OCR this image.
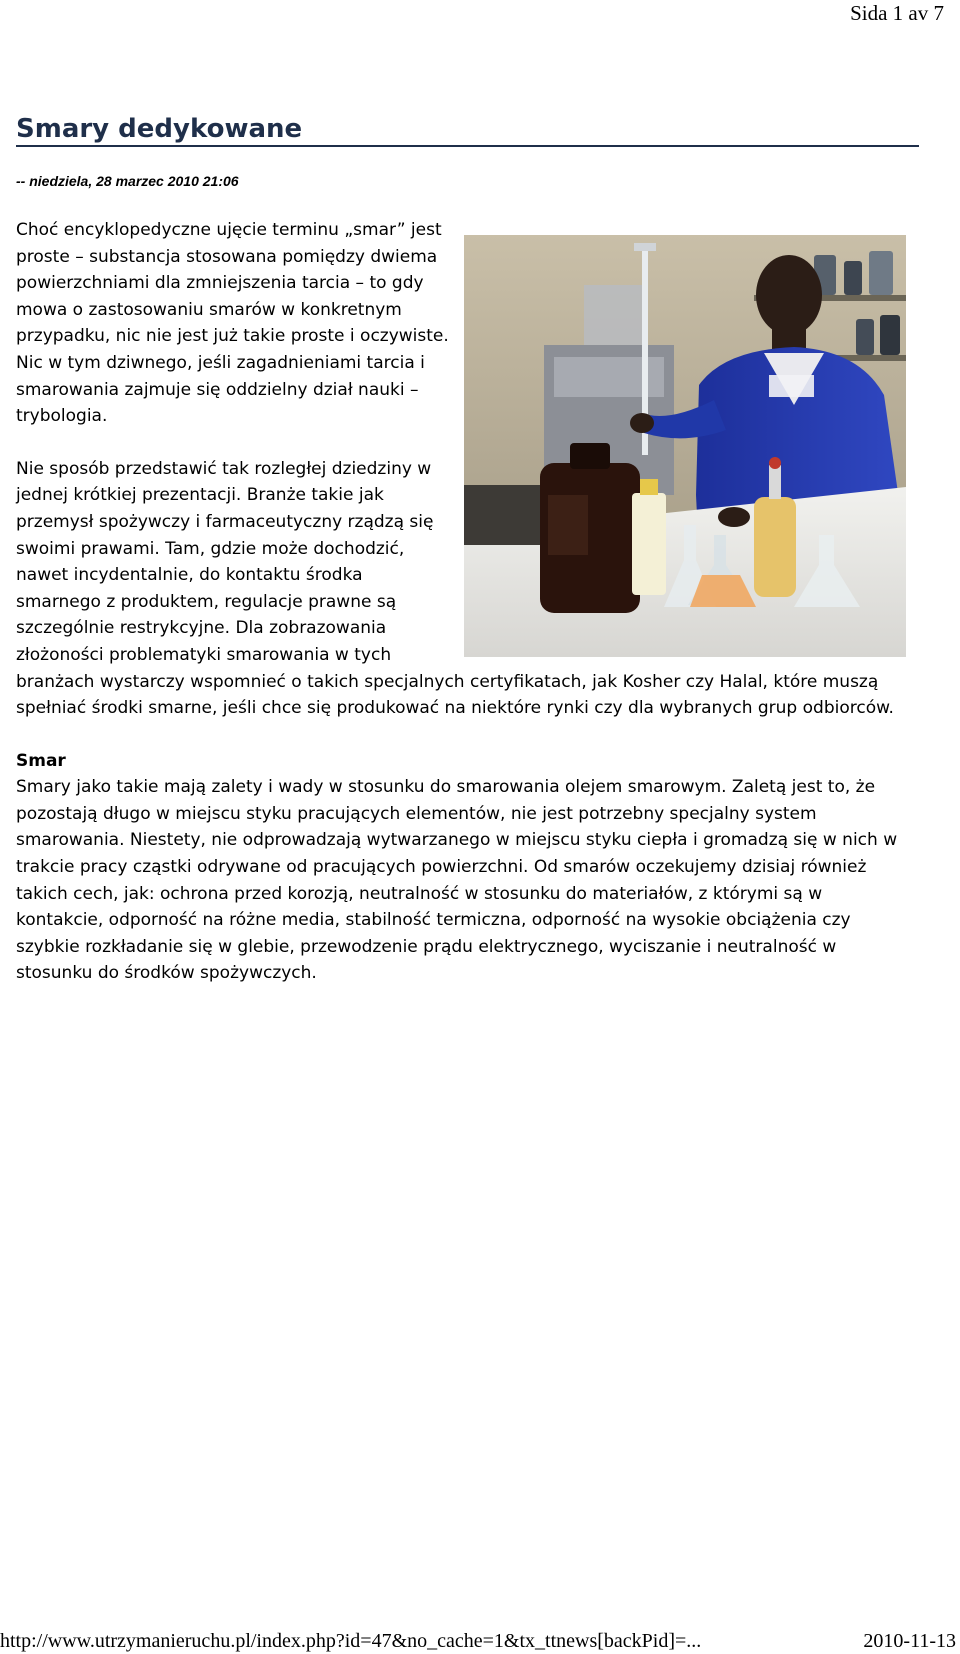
Sida 1 av 7
Smary dedykowane
-- niedziela, 28 marzec 2010 21:06

Choć encyklopedyczne ujęcie terminu „smar” jest proste – substancja stosowana pomiędzy dwiema powierzchniami dla zmniejszenia tarcia – to gdy mowa o zastosowaniu smarów w konkretnym przypadku, nic nie jest już takie proste i oczywiste. Nic w tym dziwnego, jeśli zagadnieniami tarcia i smarowania zajmuje się oddzielny dział nauki – trybologia.

Nie sposób przedstawić tak rozległej dziedziny w jednej krótkiej prezentacji. Branże takie jak przemysł spożywczy i farmaceutyczny rządzą się swoimi prawami. Tam, gdzie może dochodzić, nawet incydentalnie, do kontaktu środka smarnego z produktem, regulacje prawne są szczególnie restrykcyjne. Dla zobrazowania złożoności problematyki smarowania w tych branżach wystarczy wspomnieć o takich specjalnych certyfikatach, jak Kosher czy Halal, które muszą spełniać środki smarne, jeśli chce się produkować na niektóre rynki czy dla wybranych grup odbiorców.

Smar

Smary jako takie mają zalety i wady w stosunku do smarowania olejem smarowym. Zaletą jest to, że pozostają długo w miejscu styku pracujących elementów, nie jest potrzebny specjalny system smarowania. Niestety, nie odprowadzają wytwarzanego w miejscu styku ciepła i gromadzą się w nich w trakcie pracy cząstki odrywane od pracujących powierzchni. Od smarów oczekujemy dzisiaj również takich cech, jak: ochrona przed korozją, neutralność w stosunku do materiałów, z którymi są w kontakcie, odporność na różne media, stabilność termiczna, odporność na wysokie obciążenia czy szybkie rozkładanie się w glebie, przewodzenie prądu elektrycznego, wyciszanie i neutralność w stosunku do środków spożywczych.

http://www.utrzymanieruchu.pl/index.php?id=47&no_cache=1&tx_ttnews[backPid]=...	2010-11-13
